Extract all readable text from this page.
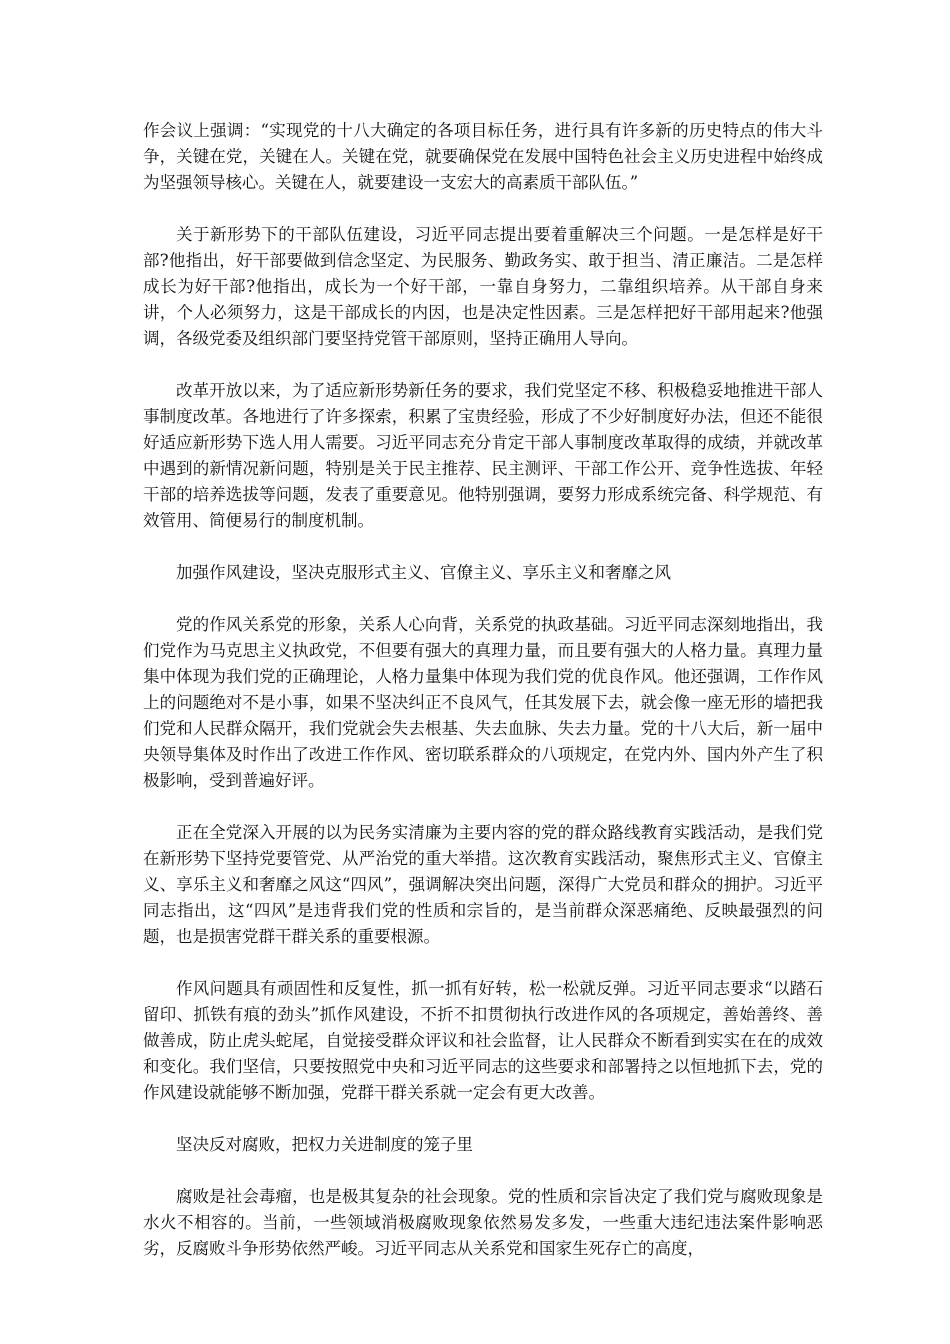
作会议上强调：“实现党的十八大确定的各项目标任务，进行具有许多新的历史特点的伟大斗争，关键在党，关键在人。关键在党，就要确保党在发展中国特色社会主义历史进程中始终成为坚强领导核心。关键在人，就要建设一支宏大的高素质干部队伍。”

关于新形势下的干部队伍建设，习近平同志提出要着重解决三个问题。一是怎样是好干部?他指出，好干部要做到信念坚定、为民服务、勤政务实、敢于担当、清正廉洁。二是怎样成长为好干部?他指出，成长为一个好干部，一靠自身努力，二靠组织培养。从干部自身来讲，个人必须努力，这是干部成长的内因，也是决定性因素。三是怎样把好干部用起来?他强调，各级党委及组织部门要坚持党管干部原则，坚持正确用人导向。

改革开放以来，为了适应新形势新任务的要求，我们党坚定不移、积极稳妥地推进干部人事制度改革。各地进行了许多探索，积累了宝贵经验，形成了不少好制度好办法，但还不能很好适应新形势下选人用人需要。习近平同志充分肯定干部人事制度改革取得的成绩，并就改革中遇到的新情况新问题，特别是关于民主推荐、民主测评、干部工作公开、竞争性选拔、年轻干部的培养选拔等问题，发表了重要意见。他特别强调，要努力形成系统完备、科学规范、有效管用、简便易行的制度机制。

加强作风建设，坚决克服形式主义、官僚主义、享乐主义和奢靡之风

党的作风关系党的形象，关系人心向背，关系党的执政基础。习近平同志深刻地指出，我们党作为马克思主义执政党，不但要有强大的真理力量，而且要有强大的人格力量。真理力量集中体现为我们党的正确理论，人格力量集中体现为我们党的优良作风。他还强调，工作作风上的问题绝对不是小事，如果不坚决纠正不良风气，任其发展下去，就会像一座无形的墙把我们党和人民群众隔开，我们党就会失去根基、失去血脉、失去力量。党的十八大后，新一届中央领导集体及时作出了改进工作作风、密切联系群众的八项规定，在党内外、国内外产生了积极影响，受到普遍好评。

正在全党深入开展的以为民务实清廉为主要内容的党的群众路线教育实践活动，是我们党在新形势下坚持党要管党、从严治党的重大举措。这次教育实践活动，聚焦形式主义、官僚主义、享乐主义和奢靡之风这“四风”，强调解决突出问题，深得广大党员和群众的拥护。习近平同志指出，这“四风”是违背我们党的性质和宗旨的，是当前群众深恶痛绝、反映最强烈的问题，也是损害党群干群关系的重要根源。

作风问题具有顽固性和反复性，抓一抓有好转，松一松就反弹。习近平同志要求“以踏石留印、抓铁有痕的劲头”抓作风建设，不折不扣贯彻执行改进作风的各项规定，善始善终、善做善成，防止虎头蛇尾，自觉接受群众评议和社会监督，让人民群众不断看到实实在在的成效和变化。我们坚信，只要按照党中央和习近平同志的这些要求和部署持之以恒地抓下去，党的作风建设就能够不断加强，党群干群关系就一定会有更大改善。

坚决反对腐败，把权力关进制度的笼子里

腐败是社会毒瘤，也是极其复杂的社会现象。党的性质和宗旨决定了我们党与腐败现象是水火不相容的。当前，一些领域消极腐败现象依然易发多发，一些重大违纪违法案件影响恶劣，反腐败斗争形势依然严峻。习近平同志从关系党和国家生死存亡的高度，
